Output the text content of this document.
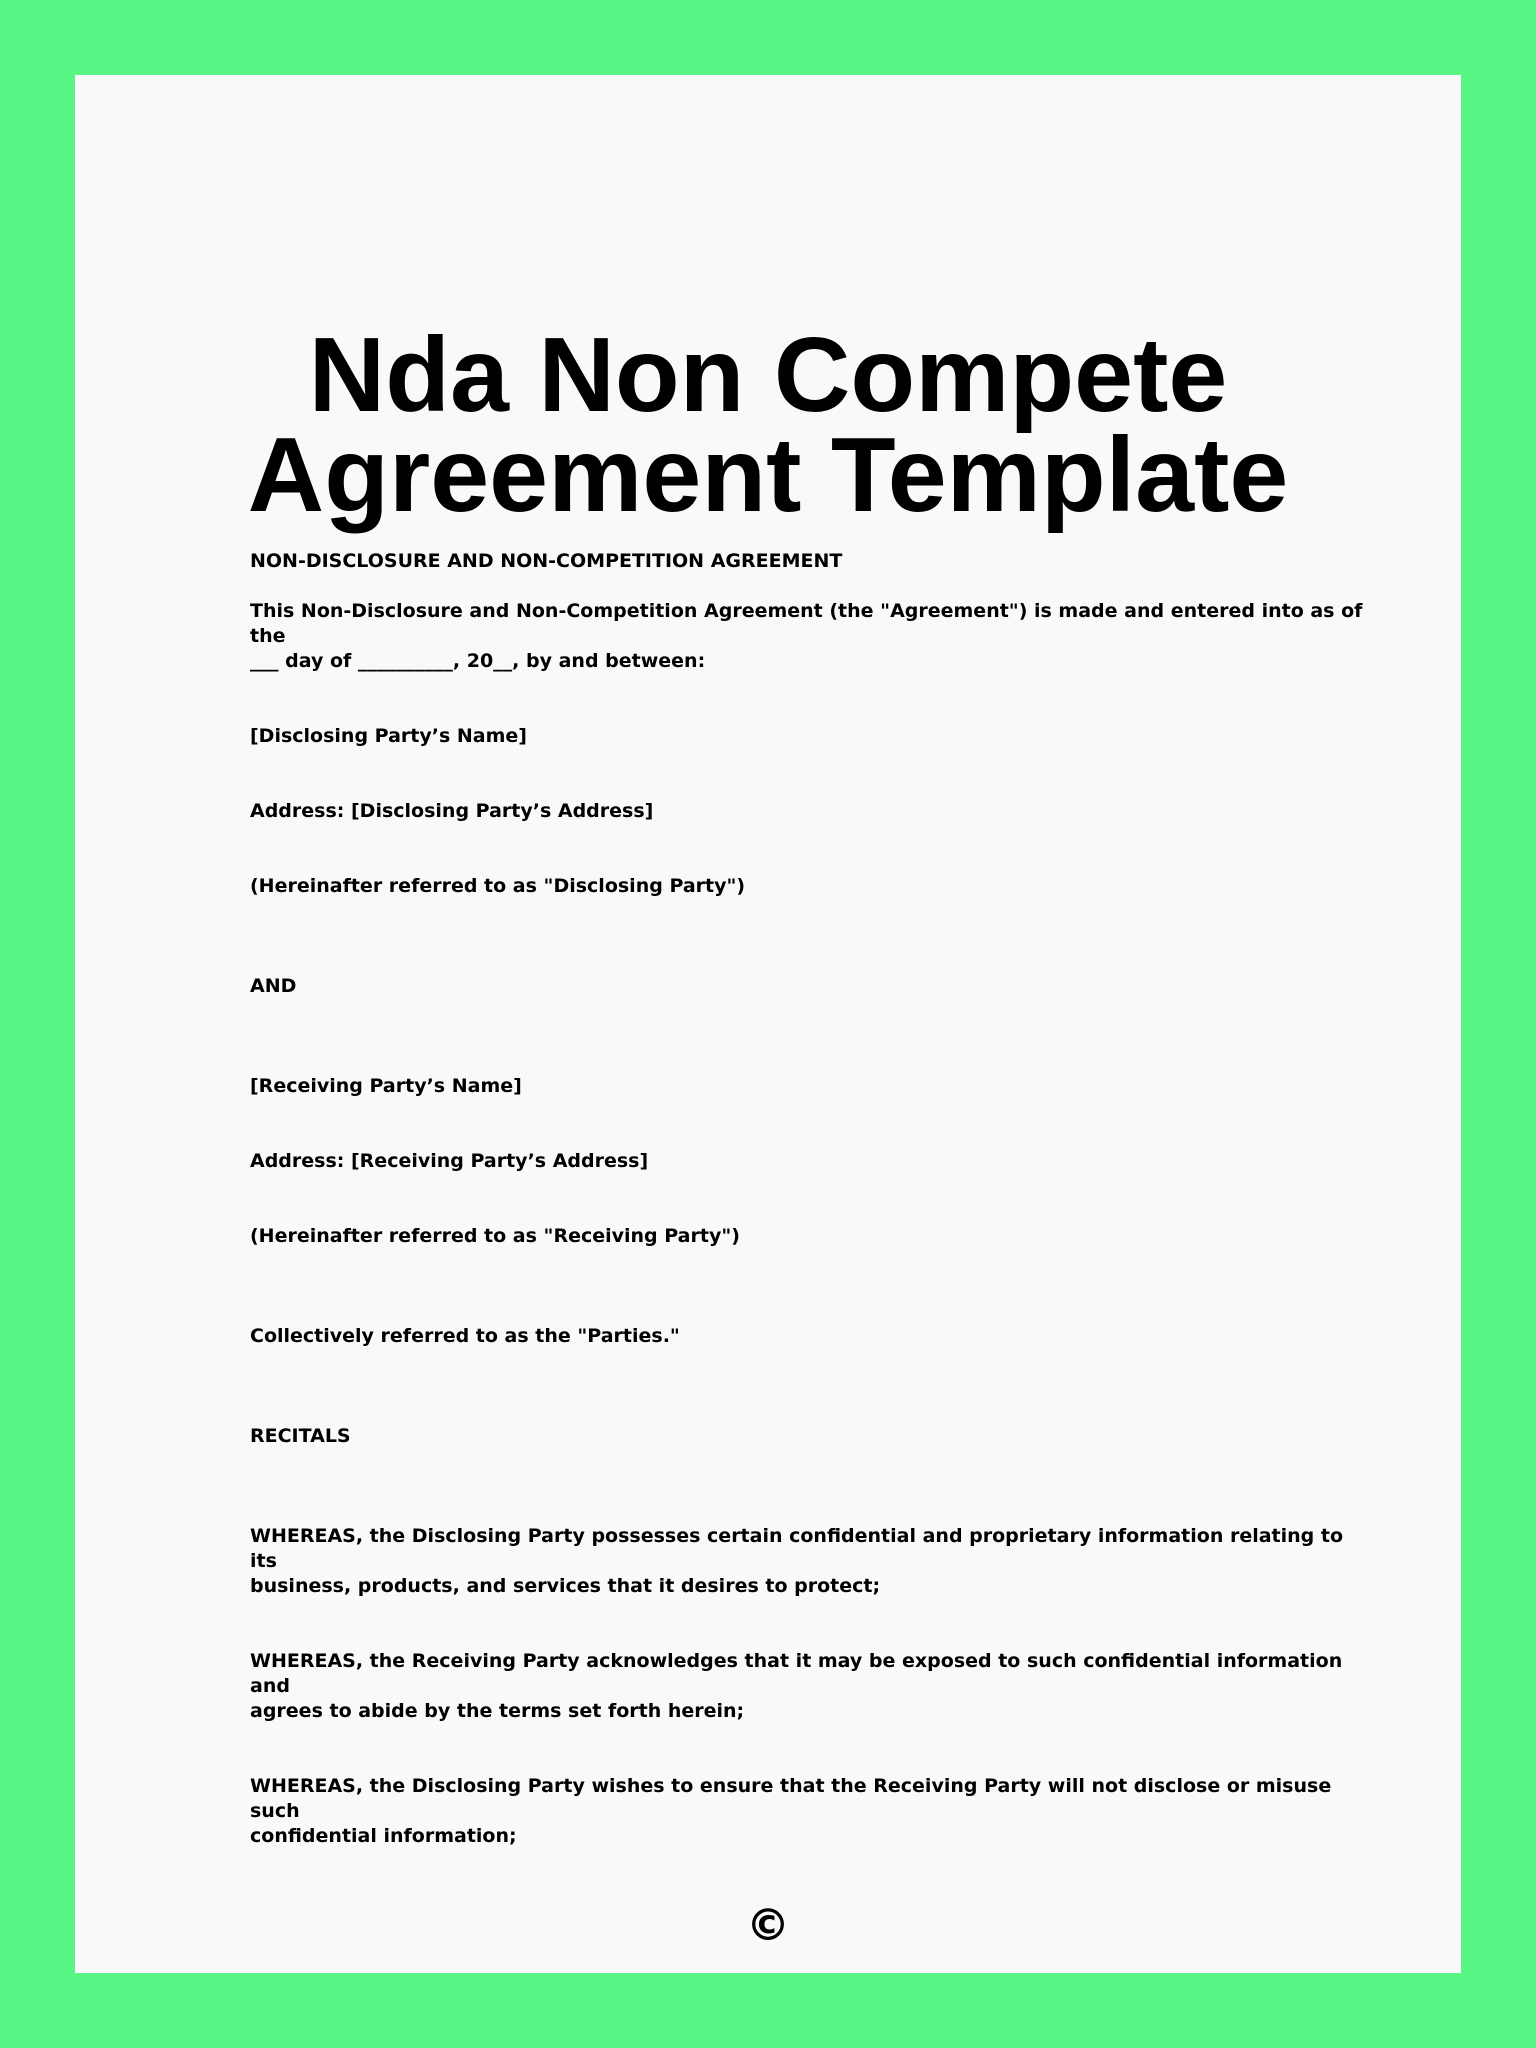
Nda Non Compete
Agreement Template

NON-DISCLOSURE AND NON-COMPETITION AGREEMENT

This Non-Disclosure and Non-Competition Agreement (the "Agreement") is made and entered into as of the
___ day of __________, 20__, by and between:

[Disclosing Party’s Name]

Address: [Disclosing Party’s Address]

(Hereinafter referred to as "Disclosing Party")

AND

[Receiving Party’s Name]

Address: [Receiving Party’s Address]

(Hereinafter referred to as "Receiving Party")

Collectively referred to as the "Parties."

RECITALS

WHEREAS, the Disclosing Party possesses certain confidential and proprietary information relating to its
business, products, and services that it desires to protect;

WHEREAS, the Receiving Party acknowledges that it may be exposed to such confidential information and
agrees to abide by the terms set forth herein;

WHEREAS, the Disclosing Party wishes to ensure that the Receiving Party will not disclose or misuse such
confidential information;

©
